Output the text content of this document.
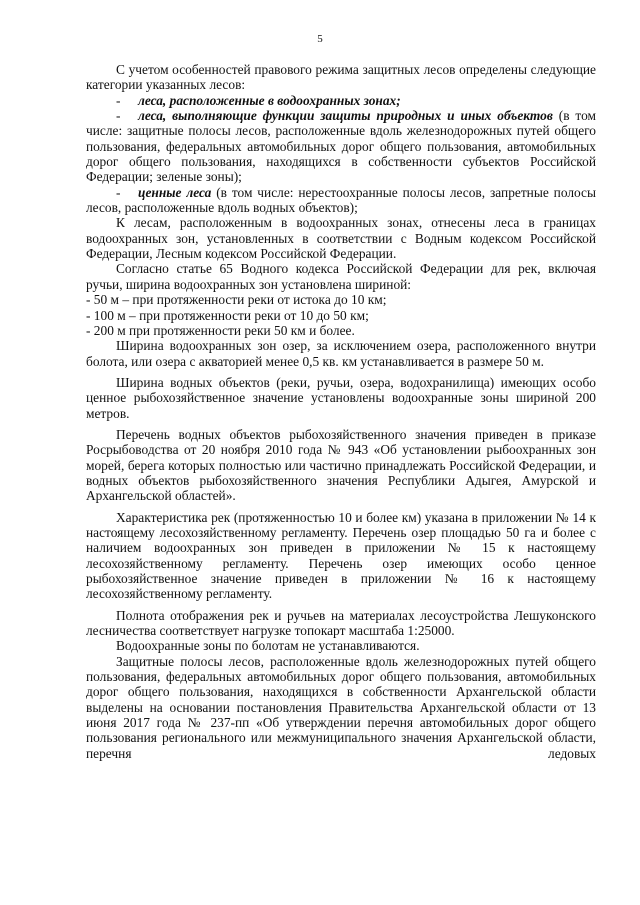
5

С учетом особенностей правового режима защитных лесов определены следующие категории указанных лесов:

- леса, расположенные в водоохранных зонах;

- леса, выполняющие функции защиты природных и иных объектов (в том числе: защитные полосы лесов, расположенные вдоль железнодорожных путей общего пользования, федеральных автомобильных дорог общего пользования, автомобильных дорог общего пользования, находящихся в собственности субъектов Российской Федерации; зеленые зоны);

- ценные леса (в том числе: нерестоохранные полосы лесов, запретные полосы лесов, расположенные вдоль водных объектов);

К лесам, расположенным в водоохранных зонах, отнесены леса в границах водоохранных зон, установленных в соответствии с Водным кодексом Российской Федерации, Лесным кодексом Российской Федерации.

Согласно статье 65 Водного кодекса Российской Федерации для рек, включая ручьи, ширина водоохранных зон установлена шириной:

- 50 м – при протяженности реки от истока до 10 км;

- 100 м – при протяженности реки от 10 до 50 км;

- 200 м при протяженности реки 50 км и более.

Ширина водоохранных зон озер, за исключением озера, расположенного внутри болота, или озера с акваторией менее 0,5 кв. км устанавливается в размере 50 м.

Ширина водных объектов (реки, ручьи, озера, водохранилища) имеющих особо ценное рыбохозяйственное значение установлены водоохранные зоны шириной 200 метров.

Перечень водных объектов рыбохозяйственного значения приведен в приказе Росрыбоводства от 20 ноября 2010 года № 943 «Об установлении рыбоохранных зон морей, берега которых полностью или частично принадлежать Российской Федерации, и водных объектов рыбохозяйственного значения Республики Адыгея, Амурской и Архангельской областей».

Характеристика рек (протяженностью 10 и более км) указана в приложении № 14 к настоящему лесохозяйственному регламенту. Перечень озер площадью 50 га и более с наличием водоохранных зон приведен в приложении № 15 к настоящему лесохозяйственному регламенту. Перечень озер имеющих особо ценное рыбохозяйственное значение приведен в приложении № 16 к настоящему лесохозяйственному регламенту.

Полнота отображения рек и ручьев на материалах лесоустройства Лешуконского лесничества соответствует нагрузке топокарт масштаба 1:25000.

Водоохранные зоны по болотам не устанавливаются.

Защитные полосы лесов, расположенные вдоль железнодорожных путей общего пользования, федеральных автомобильных дорог общего пользования, автомобильных дорог общего пользования, находящихся в собственности Архангельской области выделены на основании постановления Правительства Архангельской области от 13 июня 2017 года № 237-пп «Об утверждении перечня автомобильных дорог общего пользования регионального или межмуниципального значения Архангельской области, перечня ледовых
